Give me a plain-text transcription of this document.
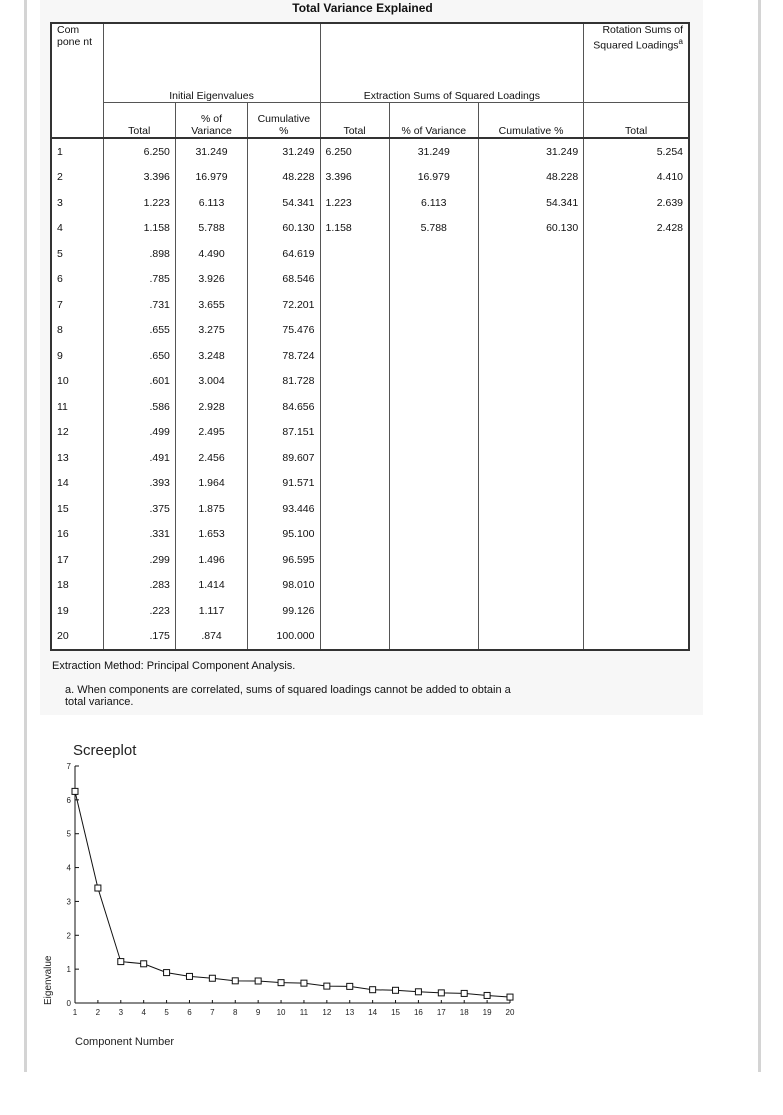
Total Variance Explained
Com pone nt	Initial Eigenvalues			Extraction Sums of Squared Loadings			Rotation Sums of Squared Loadings$^a$
	Total	% of Variance	Cumulative %	Total	% of Variance	Cumulative %	Total
1	6.250	31.249	31.249	6.250	31.249	31.249	5.254
2	3.396	16.979	48.228	3.396	16.979	48.228	4.410
3	1.223	6.113	54.341	1.223	6.113	54.341	2.639
4	1.158	5.788	60.130	1.158	5.788	60.130	2.428
5	.898	4.490	64.619				
6	.785	3.926	68.546				
7	.731	3.655	72.201				
8	.655	3.275	75.476				
9	.650	3.248	78.724				
10	.601	3.004	81.728				
11	.586	2.928	84.656				
12	.499	2.495	87.151				
13	.491	2.456	89.607				
14	.393	1.964	91.571				
15	.375	1.875	93.446				
16	.331	1.653	95.100				
17	.299	1.496	96.595				
18	.283	1.414	98.010				
19	.223	1.117	99.126				
20	.175	.874	100.000				
Extraction Method: Principal Component Analysis.
a. When components are correlated, sums of squared loadings cannot be added to obtain a
total variance.
Screeplot
0
1
2
3
4
5
6
7
1 2 3 4 5 6 7 8 9 10 11 12 13 14 15 16 17 18 19 20
Component Number
Eigenvalue
